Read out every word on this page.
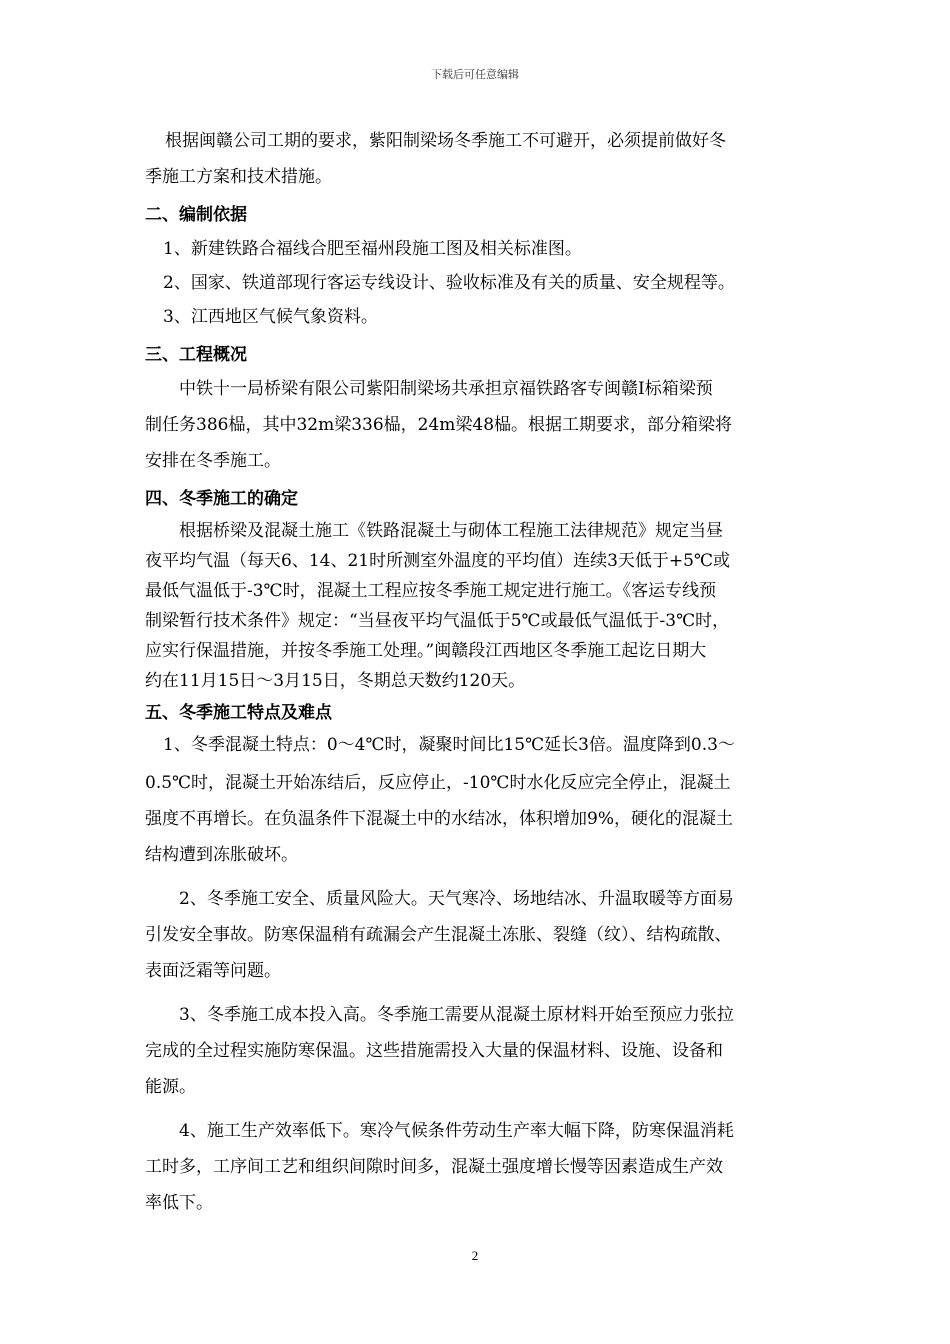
下载后可任意编辑

根据闽赣公司工期的要求，紫阳制梁场冬季施工不可避开，必须提前做好冬

季施工方案和技术措施。

二、编制依据

1、新建铁路合福线合肥至福州段施工图及相关标准图。

2、国家、铁道部现行客运专线设计、验收标准及有关的质量、安全规程等。

3、江西地区气候气象资料。

三、工程概况

中铁十一局桥梁有限公司紫阳制梁场共承担京福铁路客专闽赣Ⅰ标箱梁预

制任务386榀，其中32m梁336榀，24m梁48榀。根据工期要求，部分箱梁将

安排在冬季施工。

四、冬季施工的确定

根据桥梁及混凝土施工《铁路混凝土与砌体工程施工法律规范》规定当昼

夜平均气温（每天6、14、21时所测室外温度的平均值）连续3天低于+5℃或

最低气温低于-3℃时，混凝土工程应按冬季施工规定进行施工。《客运专线预

制梁暂行技术条件》规定：“当昼夜平均气温低于5℃或最低气温低于-3℃时，

应实行保温措施，并按冬季施工处理。”闽赣段江西地区冬季施工起讫日期大

约在11月15日～3月15日，冬期总天数约120天。

五、冬季施工特点及难点

1、冬季混凝土特点：0～4℃时，凝聚时间比15℃延长3倍。温度降到0.3～

0.5℃时，混凝土开始冻结后，反应停止，-10℃时水化反应完全停止，混凝土

强度不再增长。在负温条件下混凝土中的水结冰，体积增加9%，硬化的混凝土

结构遭到冻胀破坏。

2、冬季施工安全、质量风险大。天气寒冷、场地结冰、升温取暖等方面易

引发安全事故。防寒保温稍有疏漏会产生混凝土冻胀、裂缝（纹）、结构疏散、

表面泛霜等问题。

3、冬季施工成本投入高。冬季施工需要从混凝土原材料开始至预应力张拉

完成的全过程实施防寒保温。这些措施需投入大量的保温材料、设施、设备和

能源。

4、施工生产效率低下。寒冷气候条件劳动生产率大幅下降，防寒保温消耗

工时多，工序间工艺和组织间隙时间多，混凝土强度增长慢等因素造成生产效

率低下。

2
